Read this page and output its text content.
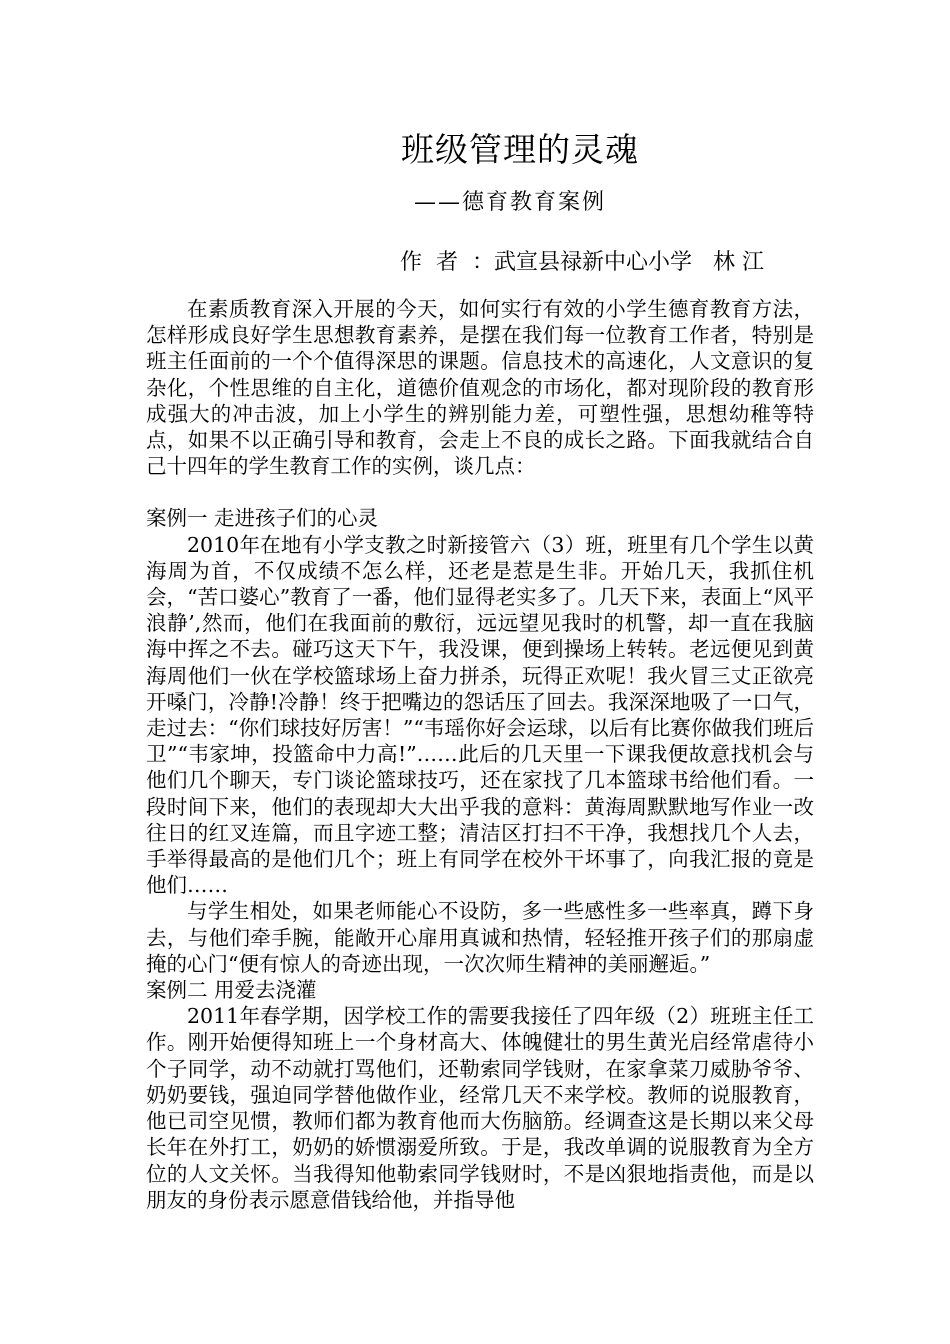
班级管理的灵魂
——德育教育案例
作  者  ：武宣县禄新中心小学   林 江

在素质教育深入开展的今天，如何实行有效的小学生德育教育方法，怎样形成良好学生思想教育素养，是摆在我们每一位教育工作者，特别是班主任面前的一个个值得深思的课题。信息技术的高速化，人文意识的复杂化，个性思维的自主化，道德价值观念的市场化，都对现阶段的教育形成强大的冲击波，加上小学生的辨别能力差，可塑性强，思想幼稚等特点，如果不以正确引导和教育，会走上不良的成长之路。下面我就结合自己十四年的学生教育工作的实例，谈几点：

案例一 走进孩子们的心灵

2010年在地有小学支教之时新接管六（3）班，班里有几个学生以黄海周为首，不仅成绩不怎么样，还老是惹是生非。开始几天，我抓住机会，“苦口婆心”教育了一番，他们显得老实多了。几天下来，表面上“风平浪静’,然而，他们在我面前的敷衍，远远望见我时的机警，却一直在我脑海中挥之不去。碰巧这天下午，我没课，便到操场上转转。老远便见到黄海周他们一伙在学校篮球场上奋力拼杀，玩得正欢呢！我火冒三丈正欲亮开嗓门，冷静!冷静！终于把嘴边的怨话压了回去。我深深地吸了一口气，走过去：“你们球技好厉害！”“韦瑶你好会运球，以后有比赛你做我们班后卫”“韦家坤，投篮命中力高!”……此后的几天里一下课我便故意找机会与他们几个聊天，专门谈论篮球技巧，还在家找了几本篮球书给他们看。一段时间下来，他们的表现却大大出乎我的意料：黄海周默默地写作业一改往日的红叉连篇，而且字迹工整；清洁区打扫不干净，我想找几个人去，手举得最高的是他们几个；班上有同学在校外干坏事了，向我汇报的竟是他们……

与学生相处，如果老师能心不设防，多一些感性多一些率真，蹲下身去，与他们牵手腕，能敞开心扉用真诚和热情，轻轻推开孩子们的那扇虚掩的心门“便有惊人的奇迹出现，一次次师生精神的美丽邂逅。”

案例二 用爱去浇灌

2011年春学期，因学校工作的需要我接任了四年级（2）班班主任工作。刚开始便得知班上一个身材高大、体魄健壮的男生黄光启经常虐待小个子同学，动不动就打骂他们，还勒索同学钱财，在家拿菜刀威胁爷爷、奶奶要钱，强迫同学替他做作业，经常几天不来学校。教师的说服教育，他已司空见惯，教师们都为教育他而大伤脑筋。经调查这是长期以来父母长年在外打工，奶奶的娇惯溺爱所致。于是，我改单调的说服教育为全方位的人文关怀。当我得知他勒索同学钱财时，不是凶狠地指责他，而是以朋友的身份表示愿意借钱给他，并指导他
